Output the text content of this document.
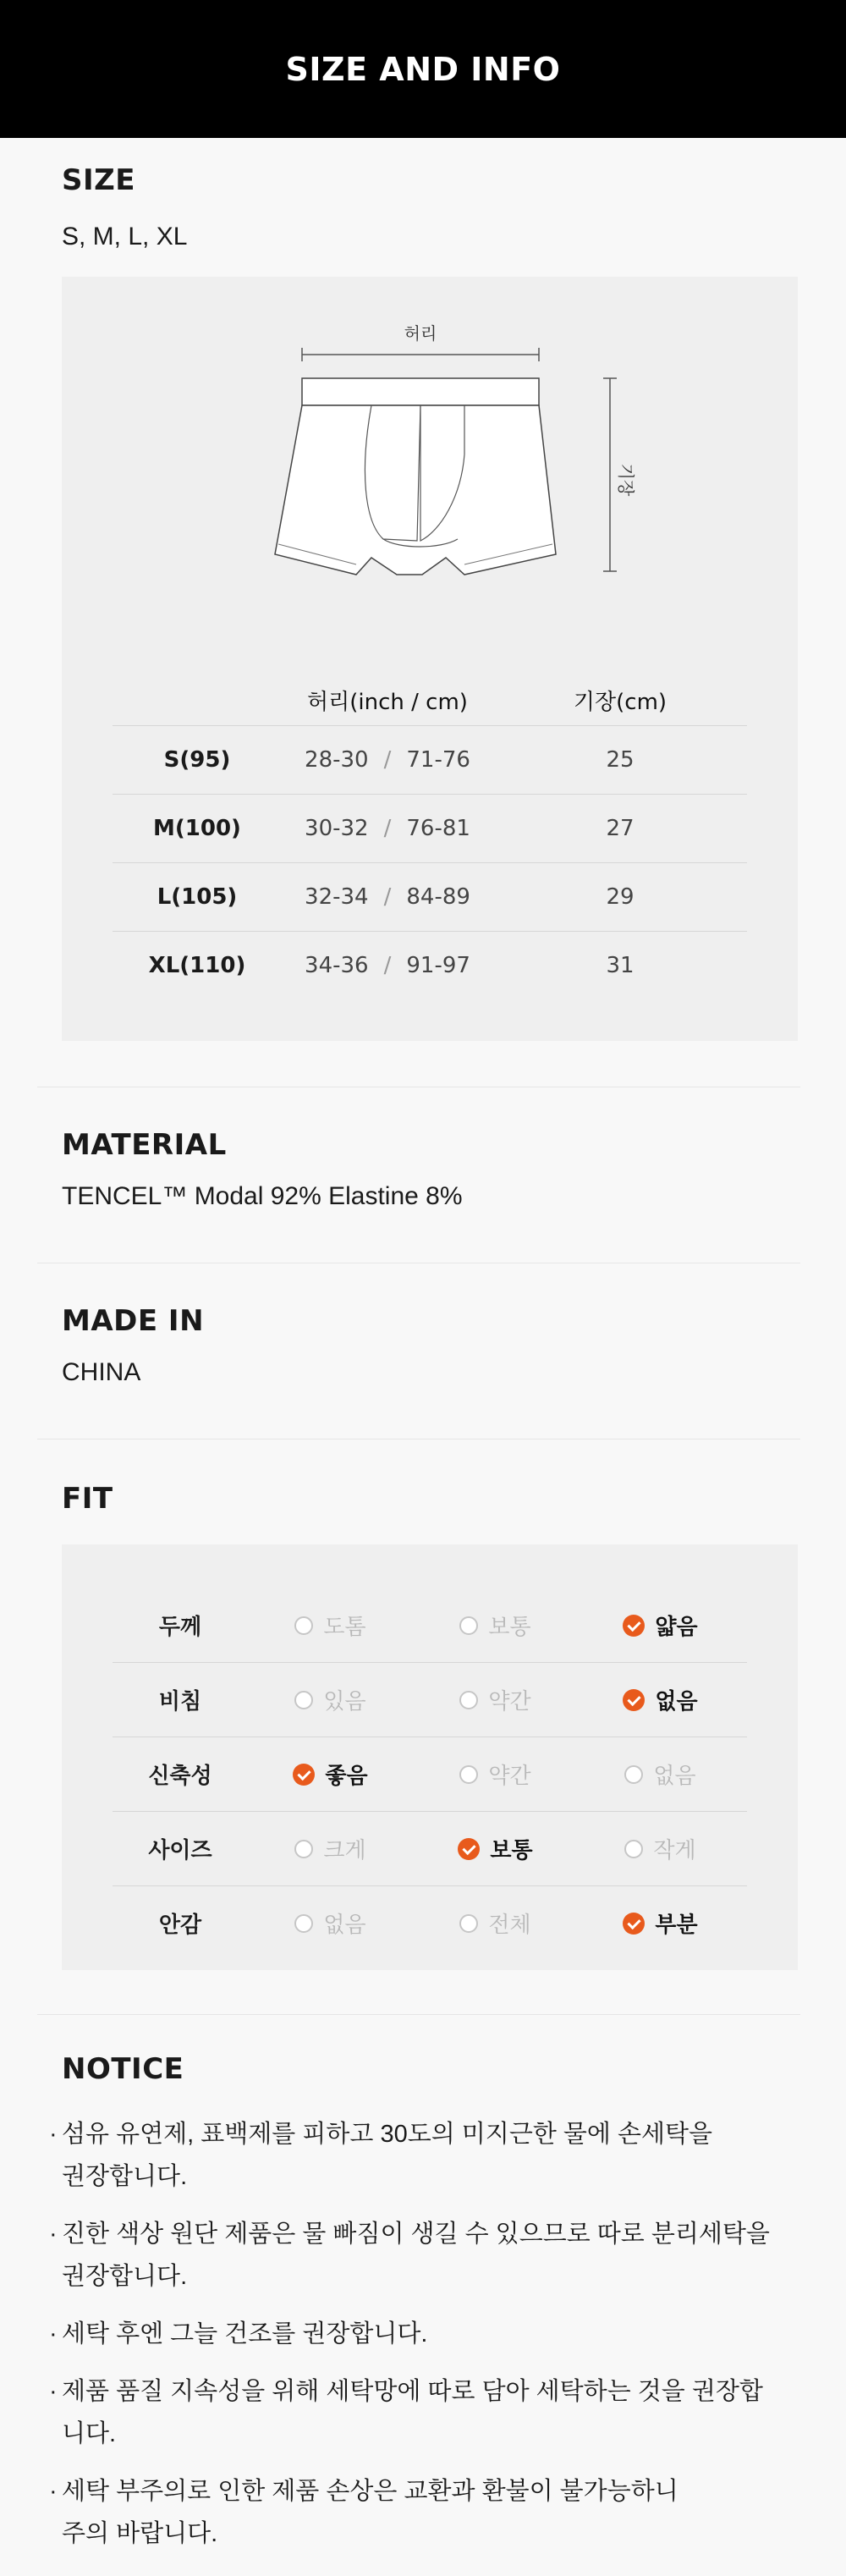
SIZE AND INFO
SIZE
S, M, L, XL
허리
기장
허리(inch / cm)	기장(cm)
S(95)	28-30 / 71-76	25
M(100)	30-32 / 76-81	27
L(105)	32-34 / 84-89	29
XL(110)	34-36 / 91-97	31
MATERIAL
TENCEL™ Modal 92% Elastine 8%
MADE IN
CHINA
FIT
두께	도톰	보통	얇음
비침	있음	약간	없음
신축성	좋음	약간	없음
사이즈	크게	보통	작게
안감	없음	전체	부분
NOTICE
· 섬유 유연제, 표백제를 피하고 30도의 미지근한 물에 손세탁을
권장합니다.
· 진한 색상 원단 제품은 물 빠짐이 생길 수 있으므로 따로 분리세탁을
권장합니다.
· 세탁 후엔 그늘 건조를 권장합니다.
· 제품 품질 지속성을 위해 세탁망에 따로 담아 세탁하는 것을 권장합니다.
· 세탁 부주의로 인한 제품 손상은 교환과 환불이 불가능하니
주의 바랍니다.
